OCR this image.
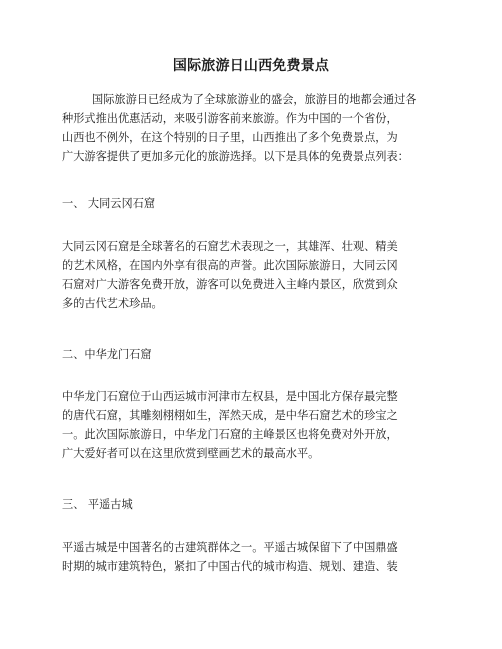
国际旅游日山西免费景点
国际旅游日已经成为了全球旅游业的盛会，旅游目的地都会通过各
种形式推出优惠活动，来吸引游客前来旅游。作为中国的一个省份，
山西也不例外，在这个特别的日子里，山西推出了多个免费景点，为
广大游客提供了更加多元化的旅游选择。以下是具体的免费景点列表：
一、 大同云冈石窟
大同云冈石窟是全球著名的石窟艺术表现之一，其雄浑、壮观、精美
的艺术风格，在国内外享有很高的声誉。此次国际旅游日，大同云冈
石窟对广大游客免费开放，游客可以免费进入主峰内景区，欣赏到众
多的古代艺术珍品。
二、中华龙门石窟
中华龙门石窟位于山西运城市河津市左权县，是中国北方保存最完整
的唐代石窟，其雕刻栩栩如生，浑然天成，是中华石窟艺术的珍宝之
一。此次国际旅游日，中华龙门石窟的主峰景区也将免费对外开放，
广大爱好者可以在这里欣赏到壁画艺术的最高水平。
三、 平遥古城
平遥古城是中国著名的古建筑群体之一。平遥古城保留下了中国鼎盛
时期的城市建筑特色，紧扣了中国古代的城市构造、规划、建造、装
